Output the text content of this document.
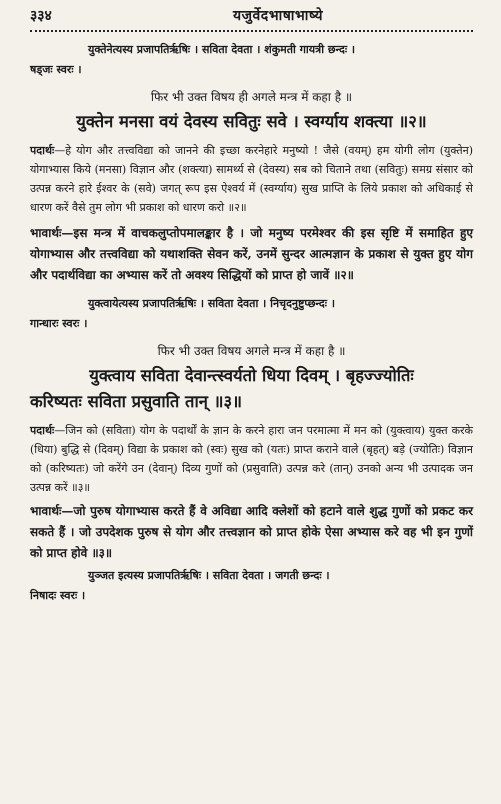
३३४	यजुर्वेदभाषाभाष्ये
युक्तेनेत्यस्य प्रजापतिर्ऋषिः । सविता देवता । शंकुमती गायत्री छन्दः ।
षड्जः स्वरः ।
फिर भी उक्त विषय ही अगले मन्त्र में कहा है ॥
युक्तेन मनसा वयं देवस्य सवितुः सवे । स्वर्ग्याय शक्त्या ॥२॥
पदार्थः—हे योग और तत्त्वविद्या को जानने की इच्छा करनेहारे मनुष्यो ! जैसे (वयम्) हम योगी लोग (युक्तेन) योगाभ्यास किये (मनसा) विज्ञान और (शक्त्या) सामर्थ्य से (देवस्य) सब को चिताने तथा (सवितुः) समग्र संसार को उत्पन्न करने हारे ईश्वर के (सवे) जगत् रूप इस ऐश्वर्य में (स्वर्ग्याय) सुख प्राप्ति के लिये प्रकाश को अधिकाई से धारण करें वैसे तुम लोग भी प्रकाश को धारण करो ॥२॥
भावार्थः—इस मन्त्र में वाचकलुप्तोपमालङ्कार है । जो मनुष्य परमेश्वर की इस सृष्टि में समाहित हुए योगाभ्यास और तत्त्वविद्या को यथाशक्ति सेवन करें, उनमें सुन्दर आत्मज्ञान के प्रकाश से युक्त हुए योग और पदार्थविद्या का अभ्यास करें तो अवश्य सिद्धियों को प्राप्त हो जावें ॥२॥
युक्त्वायेत्यस्य प्रजापतिर्ऋषिः । सविता देवता । निचृदनुष्टुप्छन्दः ।
गान्धारः स्वरः ।
फिर भी उक्त विषय अगले मन्त्र में कहा है ॥
युक्त्वाय सविता देवान्त्स्वर्यतो धिया दिवम् । बृहज्ज्योतिः
करिष्यतः सविता प्रसुवाति तान् ॥३॥
पदार्थः—जिन को (सविता) योग के पदार्थों के ज्ञान के करने हारा जन परमात्मा में मन को (युक्त्वाय) युक्त करके (धिया) बुद्धि से (दिवम्) विद्या के प्रकाश को (स्वः) सुख को (यतः) प्राप्त कराने वाले (बृहत्) बड़े (ज्योतिः) विज्ञान को (करिष्यतः) जो करेंगे उन (देवान्) दिव्य गुणों को (प्रसुवाति) उत्पन्न करे (तान्) उनको अन्य भी उत्पादक जन उत्पन्न करें ॥३॥
भावार्थः—जो पुरुष योगाभ्यास करते हैं वे अविद्या आदि क्लेशों को हटाने वाले शुद्ध गुणों को प्रकट कर सकते हैं । जो उपदेशक पुरुष से योग और तत्त्वज्ञान को प्राप्त होके ऐसा अभ्यास करे वह भी इन गुणों को प्राप्त होवे ॥३॥
युञ्जत इत्यस्य प्रजापतिर्ऋषिः । सविता देवता । जगती छन्दः ।
निषादः स्वरः ।
